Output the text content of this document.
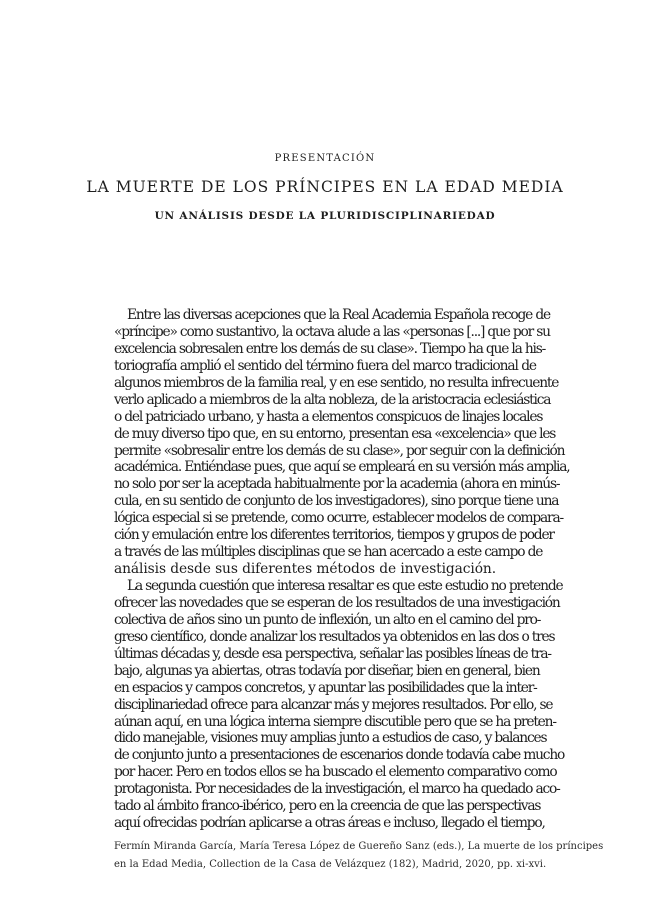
PRESENTACIÓN
LA MUERTE DE LOS PRÍNCIPES EN LA EDAD MEDIA
UN ANÁLISIS DESDE LA PLURIDISCIPLINARIEDAD
Entre las diversas acepciones que la Real Academia Española recoge de
«príncipe» como sustantivo, la octava alude a las «personas [...] que por su
excelencia sobresalen entre los demás de su clase». Tiempo ha que la his-
toriografía amplió el sentido del término fuera del marco tradicional de
algunos miembros de la familia real, y en ese sentido, no resulta infrecuente
verlo aplicado a miembros de la alta nobleza, de la aristocracia eclesiástica
o del patriciado urbano, y hasta a elementos conspicuos de linajes locales
de muy diverso tipo que, en su entorno, presentan esa «excelencia» que les
permite «sobresalir entre los demás de su clase», por seguir con la definición
académica. Entiéndase pues, que aquí se empleará en su versión más amplia,
no solo por ser la aceptada habitualmente por la academia (ahora en minús-
cula, en su sentido de conjunto de los investigadores), sino porque tiene una
lógica especial si se pretende, como ocurre, establecer modelos de compara-
ción y emulación entre los diferentes territorios, tiempos y grupos de poder
a través de las múltiples disciplinas que se han acercado a este campo de
análisis desde sus diferentes métodos de investigación.
La segunda cuestión que interesa resaltar es que este estudio no pretende
ofrecer las novedades que se esperan de los resultados de una investigación
colectiva de años sino un punto de inflexión, un alto en el camino del pro-
greso científico, donde analizar los resultados ya obtenidos en las dos o tres
últimas décadas y, desde esa perspectiva, señalar las posibles líneas de tra-
bajo, algunas ya abiertas, otras todavía por diseñar, bien en general, bien
en espacios y campos concretos, y apuntar las posibilidades que la inter-
disciplinariedad ofrece para alcanzar más y mejores resultados. Por ello, se
aúnan aquí, en una lógica interna siempre discutible pero que se ha preten-
dido manejable, visiones muy amplias junto a estudios de caso, y balances
de conjunto junto a presentaciones de escenarios donde todavía cabe mucho
por hacer. Pero en todos ellos se ha buscado el elemento comparativo como
protagonista. Por necesidades de la investigación, el marco ha quedado aco-
tado al ámbito franco-ibérico, pero en la creencia de que las perspectivas
aquí ofrecidas podrían aplicarse a otras áreas e incluso, llegado el tiempo,
Fermín Miranda García, María Teresa López de Guereño Sanz (eds.), La muerte de los príncipes
en la Edad Media, Collection de la Casa de Velázquez (182), Madrid, 2020, pp. xi-xvi.
